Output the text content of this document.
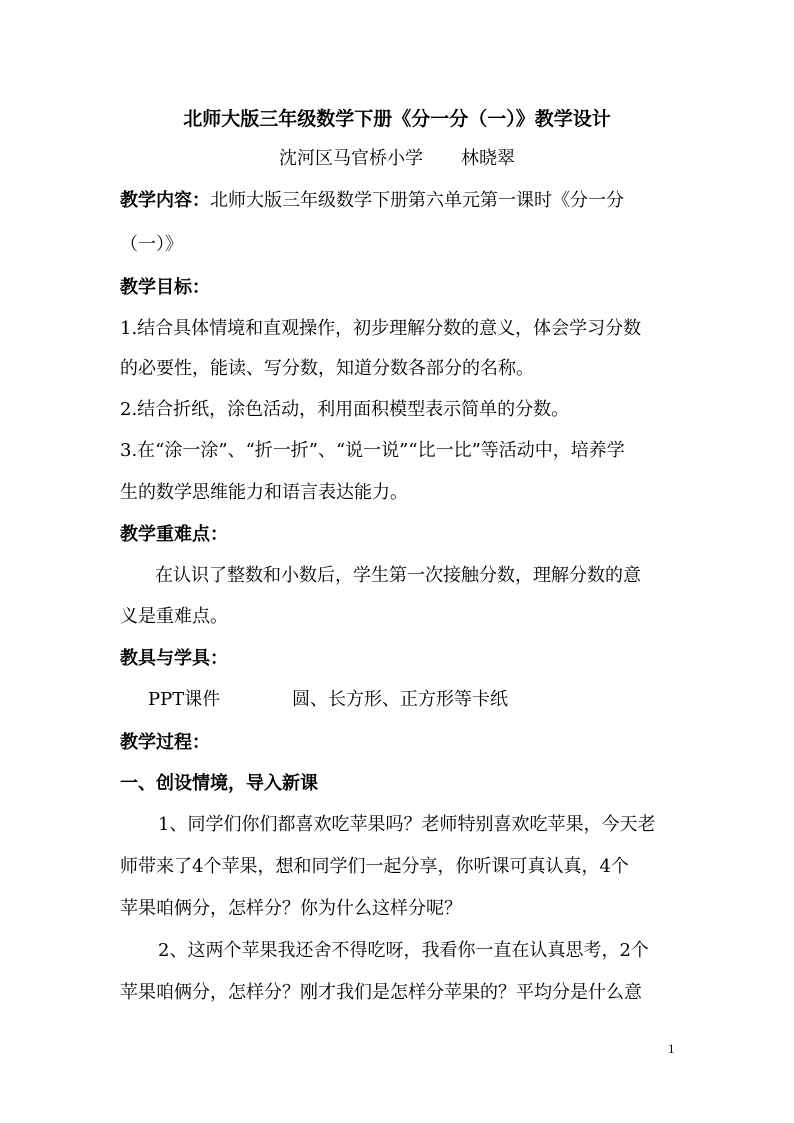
北师大版三年级数学下册《分一分（一）》教学设计
沈河区马官桥小学 林晓翠
教学内容：北师大版三年级数学下册第六单元第一课时《分一分
（一）》
教学目标：
1.结合具体情境和直观操作，初步理解分数的意义，体会学习分数
的必要性，能读、写分数，知道分数各部分的名称。
2.结合折纸，涂色活动，利用面积模型表示简单的分数。
3.在“涂一涂”、“折一折”、“说一说”“比一比”等活动中，培养学
生的数学思维能力和语言表达能力。
教学重难点：
在认识了整数和小数后，学生第一次接触分数，理解分数的意
义是重难点。
教具与学具：
PPT课件	圆、长方形、正方形等卡纸
教学过程：
一、创设情境，导入新课
1、同学们你们都喜欢吃苹果吗？老师特别喜欢吃苹果，今天老
师带来了4个苹果，想和同学们一起分享，你听课可真认真，4个
苹果咱俩分，怎样分？你为什么这样分呢？
2、这两个苹果我还舍不得吃呀，我看你一直在认真思考，2个
苹果咱俩分，怎样分？刚才我们是怎样分苹果的？平均分是什么意
1
